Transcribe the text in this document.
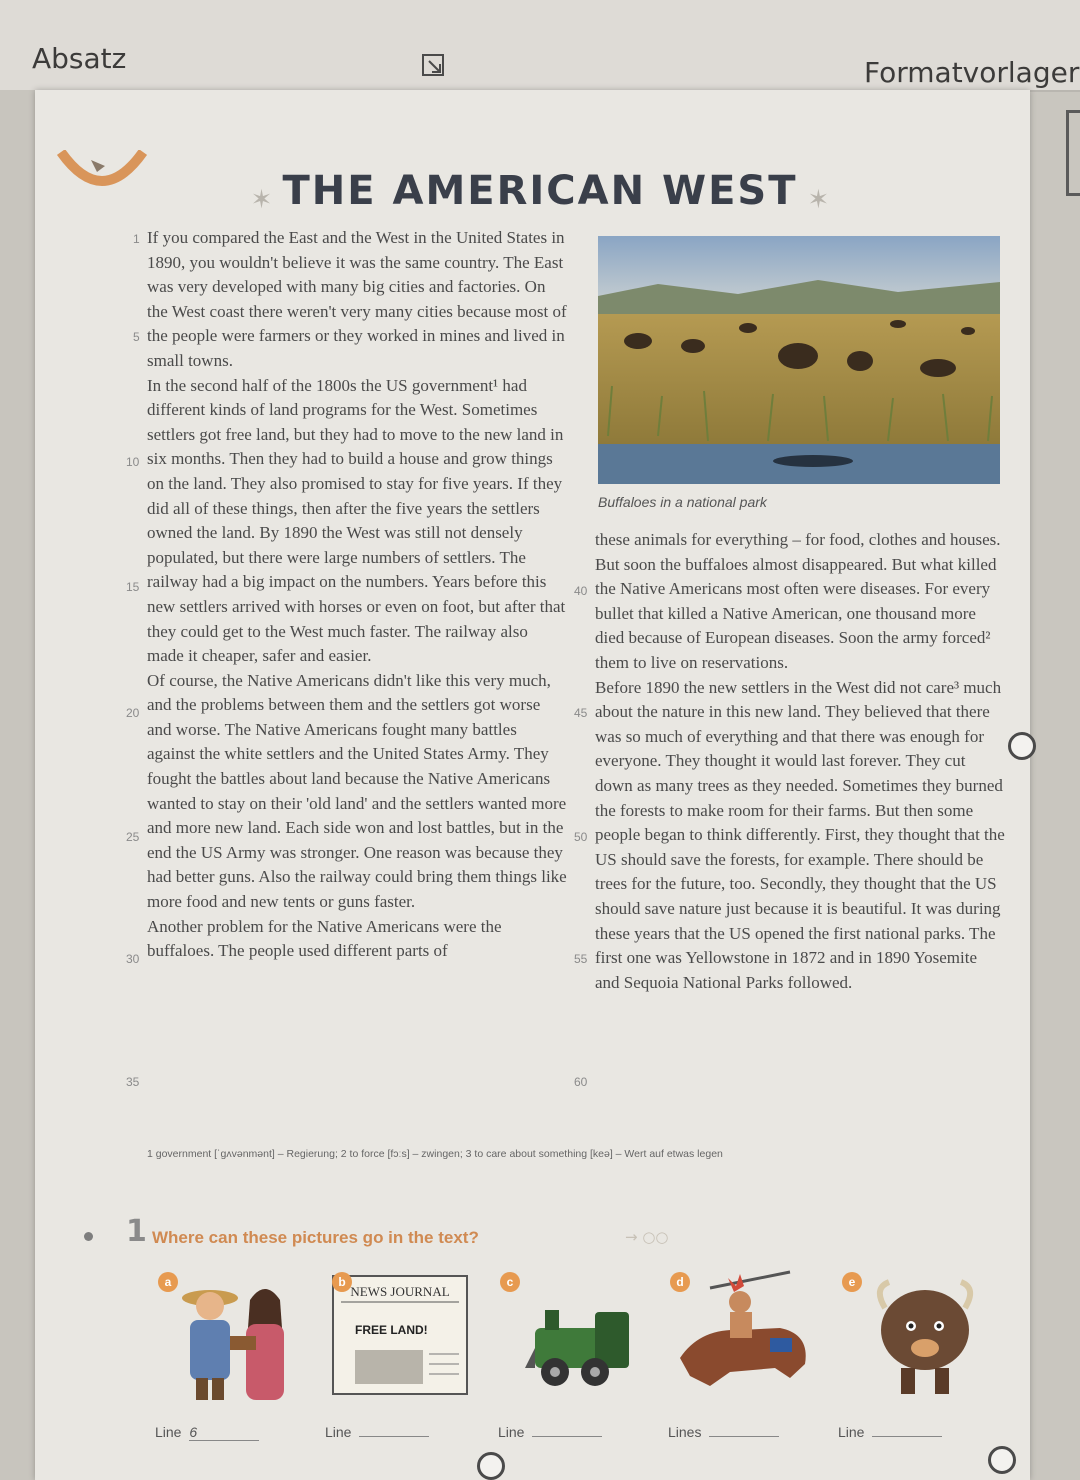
Absatz	Formatvorlager
✶ THE AMERICAN WEST ✶
1
5
10
15
20
25
30
35
40
45
50
55
60

If you compared the East and the West in the United States in 1890, you wouldn't believe it was the same country. The East was very developed with many big cities and factories. On the West coast there weren't very many cities because most of the people were farmers or they worked in mines and lived in small towns.

In the second half of the 1800s the US government¹ had different kinds of land programs for the West. Sometimes settlers got free land, but they had to move to the new land in six months. Then they had to build a house and grow things on the land. They also promised to stay for five years. If they did all of these things, then after the five years the settlers owned the land. By 1890 the West was still not densely populated, but there were large numbers of settlers. The railway had a big impact on the numbers. Years before this new settlers arrived with horses or even on foot, but after that they could get to the West much faster. The railway also made it cheaper, safer and easier.

Of course, the Native Americans didn't like this very much, and the problems between them and the settlers got worse and worse. The Native Americans fought many battles against the white settlers and the United States Army. They fought the battles about land because the Native Americans wanted to stay on their 'old land' and the settlers wanted more and more new land. Each side won and lost battles, but in the end the US Army was stronger. One reason was because they had better guns. Also the railway could bring them things like more food and new tents or guns faster.

Another problem for the Native Americans were the buffaloes. The people used different parts of

Buffaloes in a national park

these animals for everything – for food, clothes and houses. But soon the buffaloes almost disappeared. But what killed the Native Americans most often were diseases. For every bullet that killed a Native American, one thousand more died because of European diseases. Soon the army forced² them to live on reservations.

Before 1890 the new settlers in the West did not care³ much about the nature in this new land. They believed that there was so much of everything and that there was enough for everyone. They thought it would last forever. They cut down as many trees as they needed. Sometimes they burned the forests to make room for their farms. But then some people began to think differently. First, they thought that the US should save the forests, for example. There should be trees for the future, too. Secondly, they thought that the US should save nature just because it is beautiful. It was during these years that the US opened the first national parks. The first one was Yellowstone in 1872 and in 1890 Yosemite and Sequoia National Parks followed.

1 government [ˈgʌvənmənt] – Regierung; 2 to force [fɔːs] – zwingen; 3 to care about something [keə] – Wert auf etwas legen
1 Where can these pictures go in the text?	→ ○○
a
NEWS JOURNAL
FREE LAND!
b	c	d	e
Line 6	Line	Line	Lines	Line
